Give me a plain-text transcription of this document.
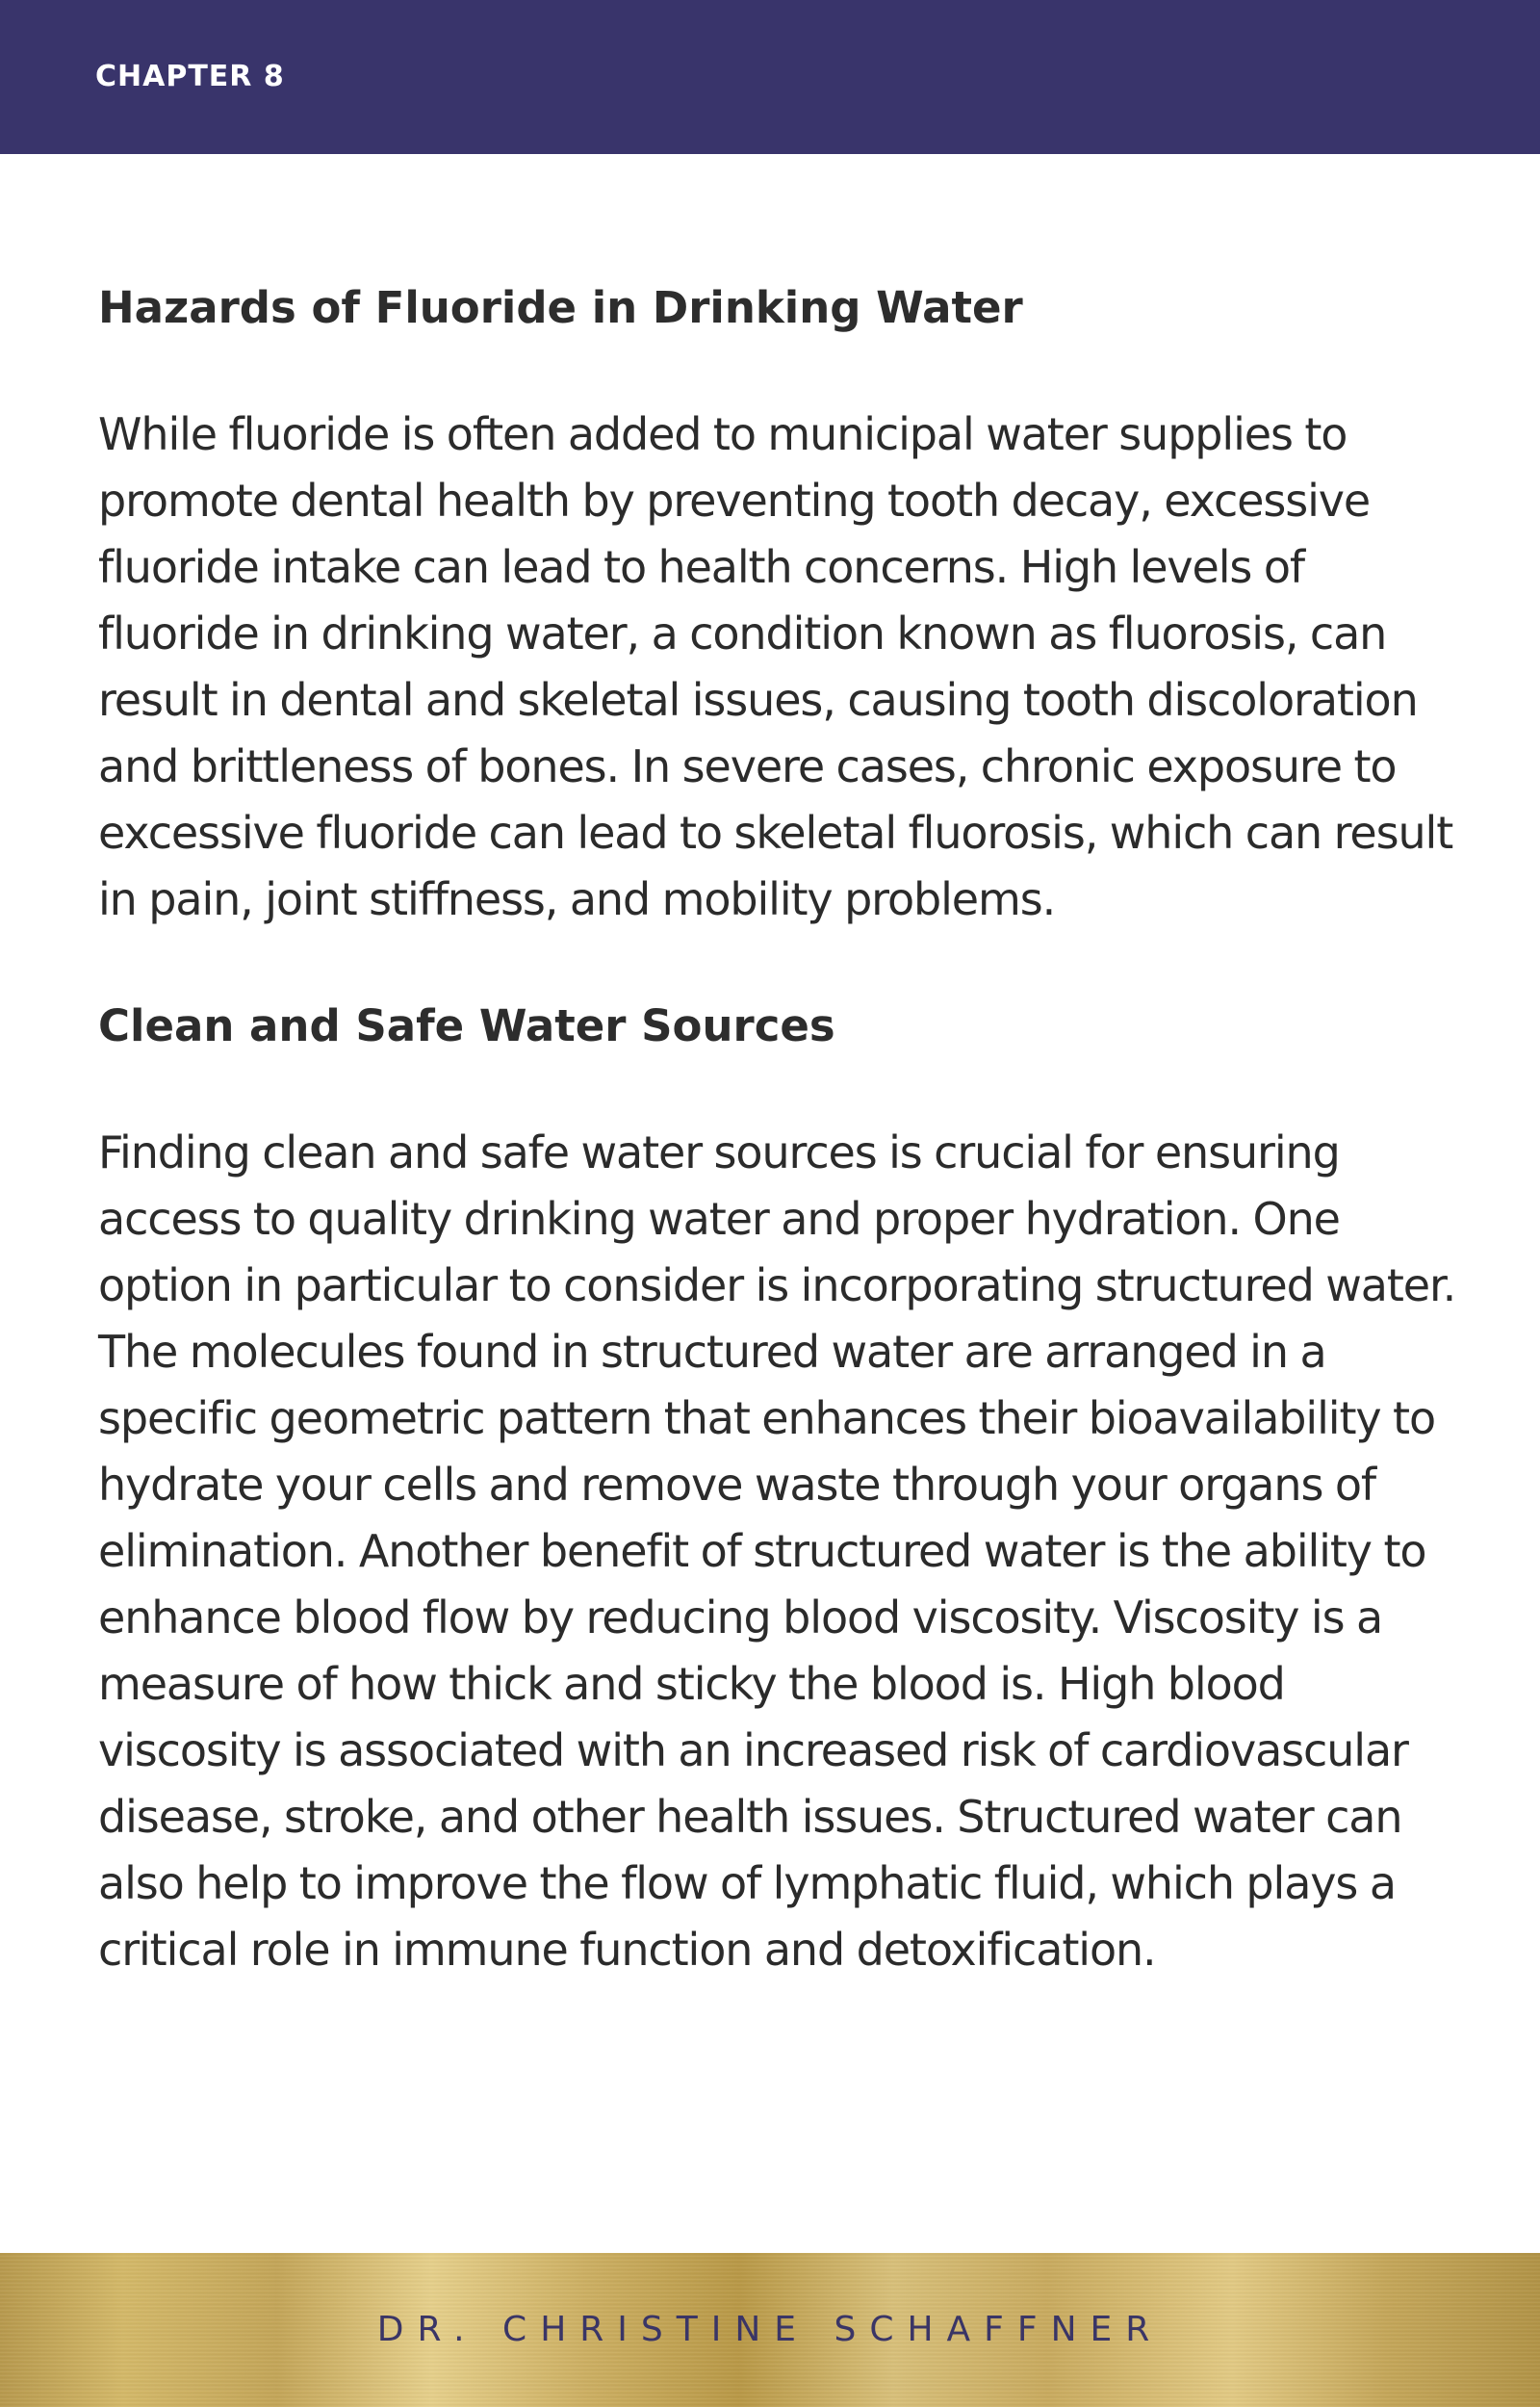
CHAPTER 8
Hazards of Fluoride in Drinking Water

While fluoride is often added to municipal water supplies to promote dental health by preventing tooth decay, excessive fluoride intake can lead to health concerns. High levels of fluoride in drinking water, a condition known as fluorosis, can result in dental and skeletal issues, causing tooth discoloration and brittleness of bones. In severe cases, chronic exposure to excessive fluoride can lead to skeletal fluorosis, which can result in pain, joint stiffness, and mobility problems.

Clean and Safe Water Sources

Finding clean and safe water sources is crucial for ensuring access to quality drinking water and proper hydration. One option in particular to consider is incorporating structured water. The molecules found in structured water are arranged in a specific geometric pattern that enhances their bioavailability to hydrate your cells and remove waste through your organs of elimination. Another benefit of structured water is the ability to enhance blood flow by reducing blood viscosity. Viscosity is a measure of how thick and sticky the blood is. High blood viscosity is associated with an increased risk of cardiovascular disease, stroke, and other health issues. Structured water can also help to improve the flow of lymphatic fluid, which plays a critical role in immune function and detoxification.

DR. CHRISTINE SCHAFFNER
